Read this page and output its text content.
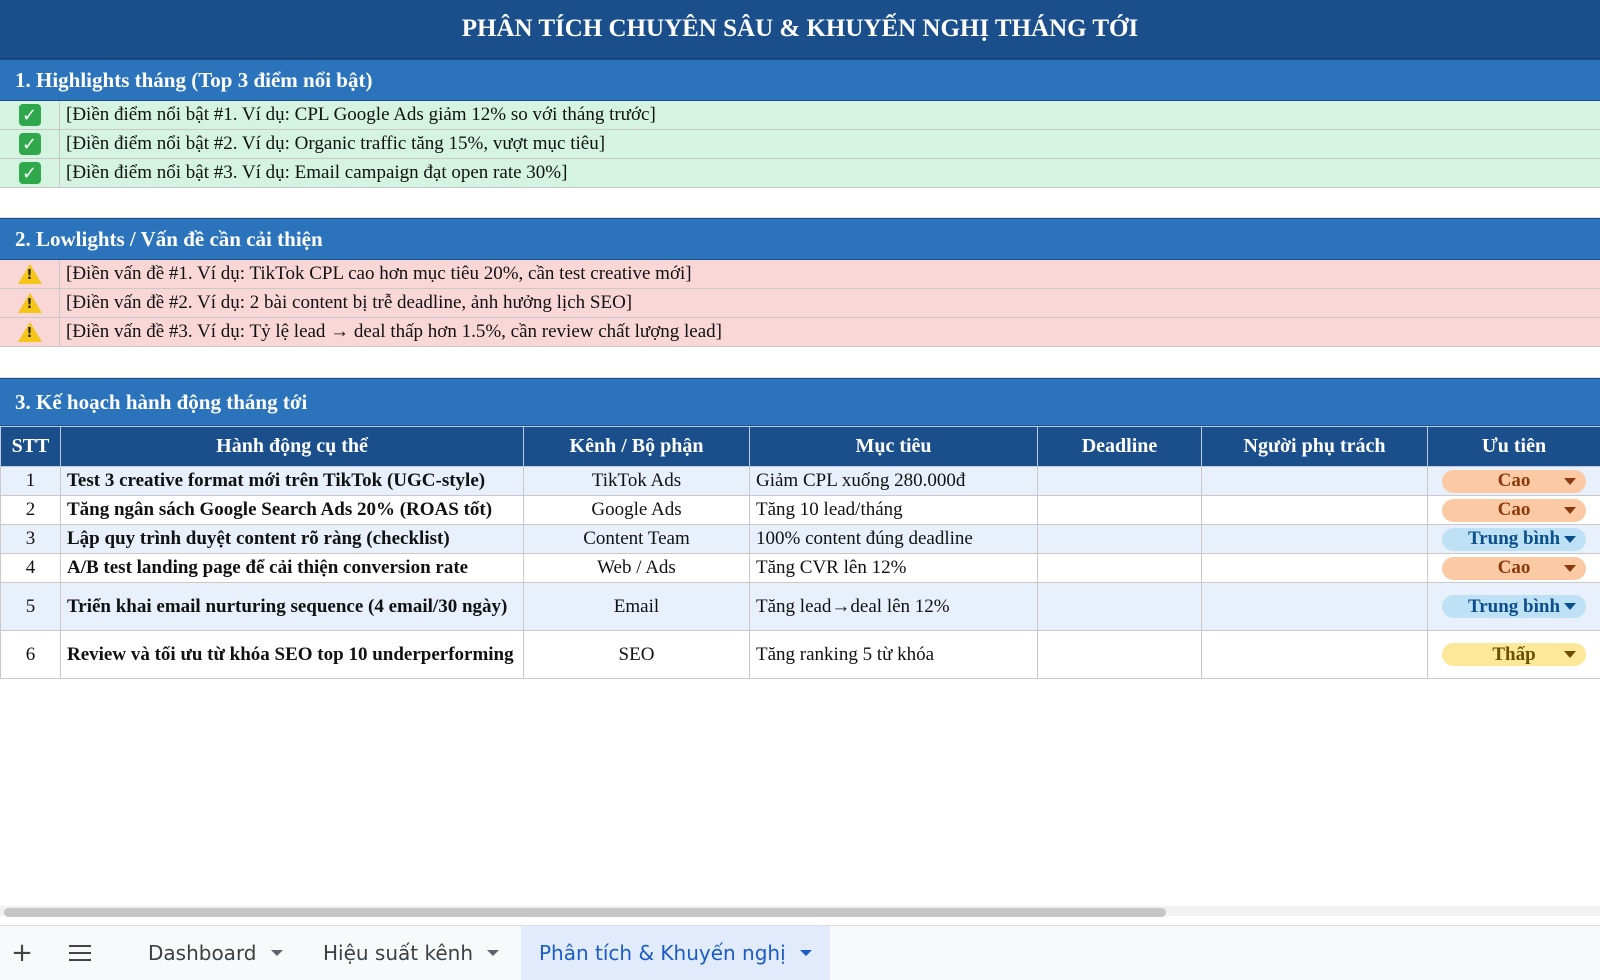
PHÂN TÍCH CHUYÊN SÂU & KHUYẾN NGHỊ THÁNG TỚI
1. Highlights tháng (Top 3 điểm nổi bật)
✓	[Điền điểm nổi bật #1. Ví dụ: CPL Google Ads giảm 12% so với tháng trước]
✓	[Điền điểm nổi bật #2. Ví dụ: Organic traffic tăng 15%, vượt mục tiêu]
✓	[Điền điểm nổi bật #3. Ví dụ: Email campaign đạt open rate 30%]
2. Lowlights / Vấn đề cần cải thiện
!	[Điền vấn đề #1. Ví dụ: TikTok CPL cao hơn mục tiêu 20%, cần test creative mới]
!	[Điền vấn đề #2. Ví dụ: 2 bài content bị trễ deadline, ảnh hưởng lịch SEO]
!	[Điền vấn đề #3. Ví dụ: Tỷ lệ lead → deal thấp hơn 1.5%, cần review chất lượng lead]
3. Kế hoạch hành động tháng tới
STT	Hành động cụ thể	Kênh / Bộ phận	Mục tiêu	Deadline	Người phụ trách	Ưu tiên
1	Test 3 creative format mới trên TikTok (UGC-style)	TikTok Ads	Giảm CPL xuống 280.000đ			Cao

2	Tăng ngân sách Google Search Ads 20% (ROAS tốt)	Google Ads	Tăng 10 lead/tháng			Cao

3	Lập quy trình duyệt content rõ ràng (checklist)	Content Team	100% content đúng deadline			Trung bình

4	A/B test landing page để cải thiện conversion rate	Web / Ads	Tăng CVR lên 12%			Cao

5	Triển khai email nurturing sequence (4 email/30 ngày)	Email	Tăng lead→deal lên 12%			Trung bình

6	Review và tối ưu từ khóa SEO top 10 underperforming	SEO	Tăng ranking 5 từ khóa			Thấp
+	Dashboard	Hiệu suất kênh	Phân tích & Khuyến nghị
